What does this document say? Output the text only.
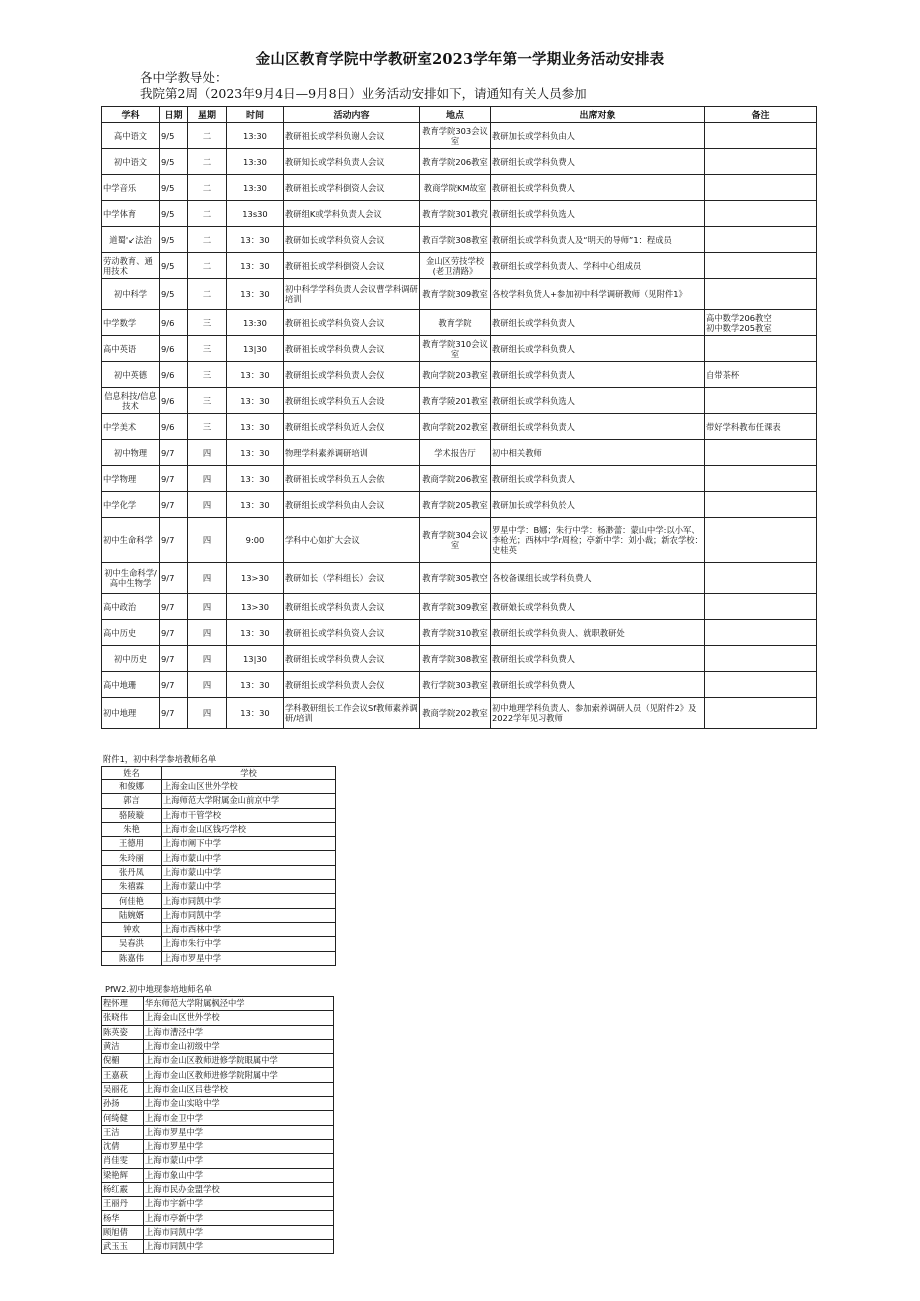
金山区教育学院中学教研室2023学年第一学期业务活动安排表
各中学教导处：
我院第2周（2023年9月4日—9月8日）业务活动安排如下，请通知有关人员参加
学科	日期	星期	时间	活动内容	地点	出席对象	备注
高中语文	9/5	二	13:30	教研祖长或学科负谢人会议	教育学院303会议室	教研加长或学科负由人	
初中语文	9/5	二	13:30	教研知长或学科负责人会议	教育学院206教室	教研组长或学科负费人	
中学音乐	9/5	二	13:30	教研祖长或学科倒资人会议	教商学院KM故室	教研祖长或学科负费人	
中学体育	9/5	二	13s30	教研组K或学科负责人会议	教育学院301教究	教研组长或学科负选人	
道蜀'↙法治	9/5	二	13：30	教研如长或学科负资人会议	教百学院308教室	教研组长或学科负责人及“明天的导师”1：程成员	
劳动教育、通用技术	9/5	二	13：30	教研祖长或学科倒资人会议	金山区劳技学校(老卫清路》	教研组长或学科负责人、学科中心组成员	
初中科学	9/5	二	13：30	初中科学学科负责人会议曹学科调研培训	教育学院309教室	各校学科负货人+参加初中科学调研教师（见附件1》	
中学数学	9/6	三	13:30	教研祖长或学科负资人会议	教育学院	教研组长或学科负责人	高中数学206教空
初中数学205教室
高中英语	9/6	三	13|30	教研祖长或学科负费人会议	教育学院310会议室	教研组长或学科负费人	
初中英德	9/6	三	13：30	教研组长或学科负责人会仪	教向学院203教室	教研组长或学科负责人	自带茶杯
信息科技/信息技术	9/6	三	13：30	教研组长或学科负五人会设	教育学陵201教室	教研组长或学科负选人	
中学美术	9/6	三	13：30	教研组长或学科负近人会仪	教向学院202教室	教研组长或学科负责人	带好学科教布任课表
初中物理	9/7	四	13：30	物理学科素养调研培训	学术报告厅	初中相关教师	
中学物理	9/7	四	13：30	教研祖长或学科负五人会依	教商学院206教室	教研组长或学科负责人	
中学化学	9/7	四	13：30	教研组长或学科负由人会议	教育学院205教室	教研加长或学科负於人	
初中生命科学	9/7	四	9:00	学科中心如扩大会议	教育学院304会议室	罗星中学：B娜；朱行中学：杨渺蕾：蒙山中学:以小军、李枪光；西林中学r周检；亭新中学：刘小裁；新农学校：史桂英	
初中生命科学/高中生物学	9/7	四	13>30	教研如长（学科组长）会议	教育学院305教空	各校备课组长或学科负费人	
高中政治	9/7	四	13>30	教研组长或学科负责人会议	教育学院309教室	教研娘长或学科负费人	
高中历史	9/7	四	13：30	教研祖长或学科负资人会议	教育学院310教室	教研组长或学科负贵人、就职教研处	
初中历史	9/7	四	13|30	教研组长或学科负费人会议	教育学院308教室	教研组长或学科负费人	
高中地珊	9/7	四	13：30	教研组长或学科负责人会仪	教行学院303教室	教研组长或学科负费人	
初中地理	9/7	四	13：30	学科教研组长工作会议Sf教师素养调研/培训	教商学院202教室	初中地理学科负责人、参加索养调研人员（见附件2》及2022学年见习教师	
附件1，初中科学参培教师名单
姓名	学校
和俊娜	上海金山区世外学校
郭言	上海师范大学附属金山前京中学
骆陵璇	上海市干管学校
朱艳	上海市金山区钱巧学校
王德用	上海市阐下中学
朱玲丽	上海市蒙山中学
张丹凤	上海市蒙山中学
朱禧霖	上海市蒙山中学
何佳艳	上海市同凯中学
陆婉婿	上海市同凯中学
钟欢	上海市西林中学
吴春洪	上海市朱行中学
陈嘉伟	上海市罗星中学
PfW2.初中地现参培地师名单
程怀理	华东师范大学附属枫泾中学
张晓伟	上海金山区世外学校
陈英姿	上海市漕泾中学
黄洁	上海市金山初级中学
倪楣	上海市金山区教师进修学院眼属中学
王嘉萩	上海市金山区教师进修学院附属中学
吴丽花	上海市金山区吕巷学校
孙扬	上海市金山实晗中学
何绮健	上海市金卫中学
王洁	上海市罗星中学
沈倩	上海市罗星中学
肖佳雯	上海市蒙山中学
梁艳辉	上海市象山中学
杨红霰	上海市民办金盟学校
王丽丹	上海市宇新中学
杨华	上海市亭新中学
顾旭倩	上海市同凯中学
武玉玉	上海市同凯中学
